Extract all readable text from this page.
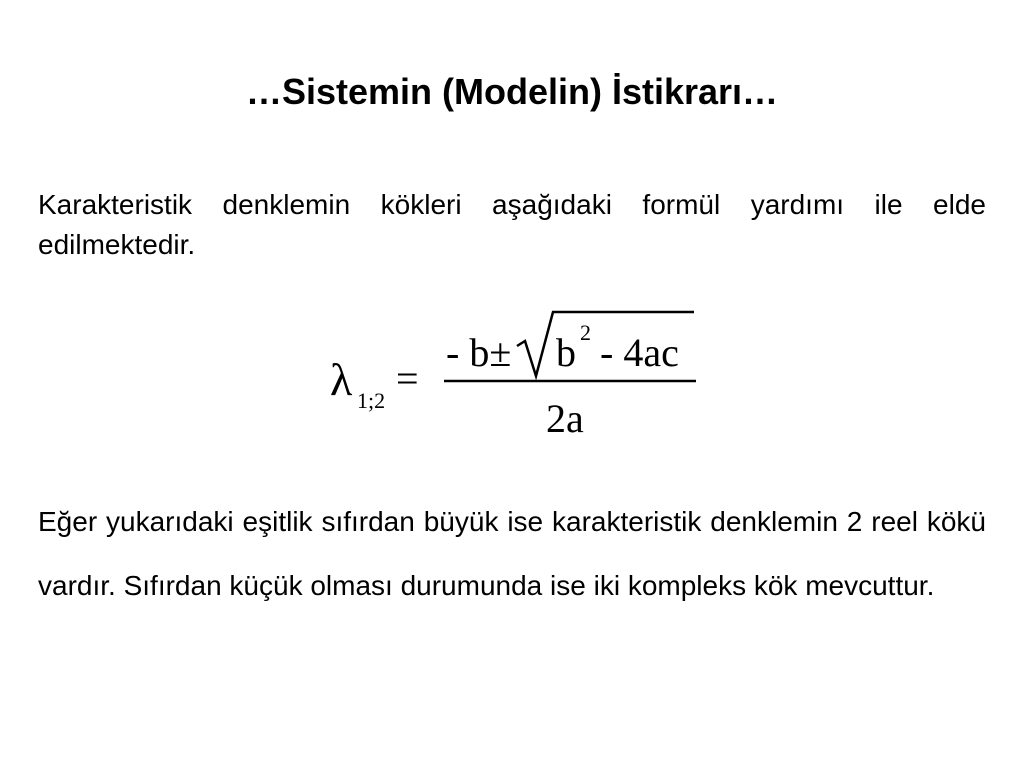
…Sistemin (Modelin) İstikrarı…

Karakteristik denklemin kökleri aşağıdaki formül yardımı ile elde edilmektedir.

λ 1;2 =
- b± b 2 - 4ac
2a

Eğer yukarıdaki eşitlik sıfırdan büyük ise karakteristik denklemin 2 reel kökü vardır. Sıfırdan küçük olması durumunda ise iki kompleks kök mevcuttur.
